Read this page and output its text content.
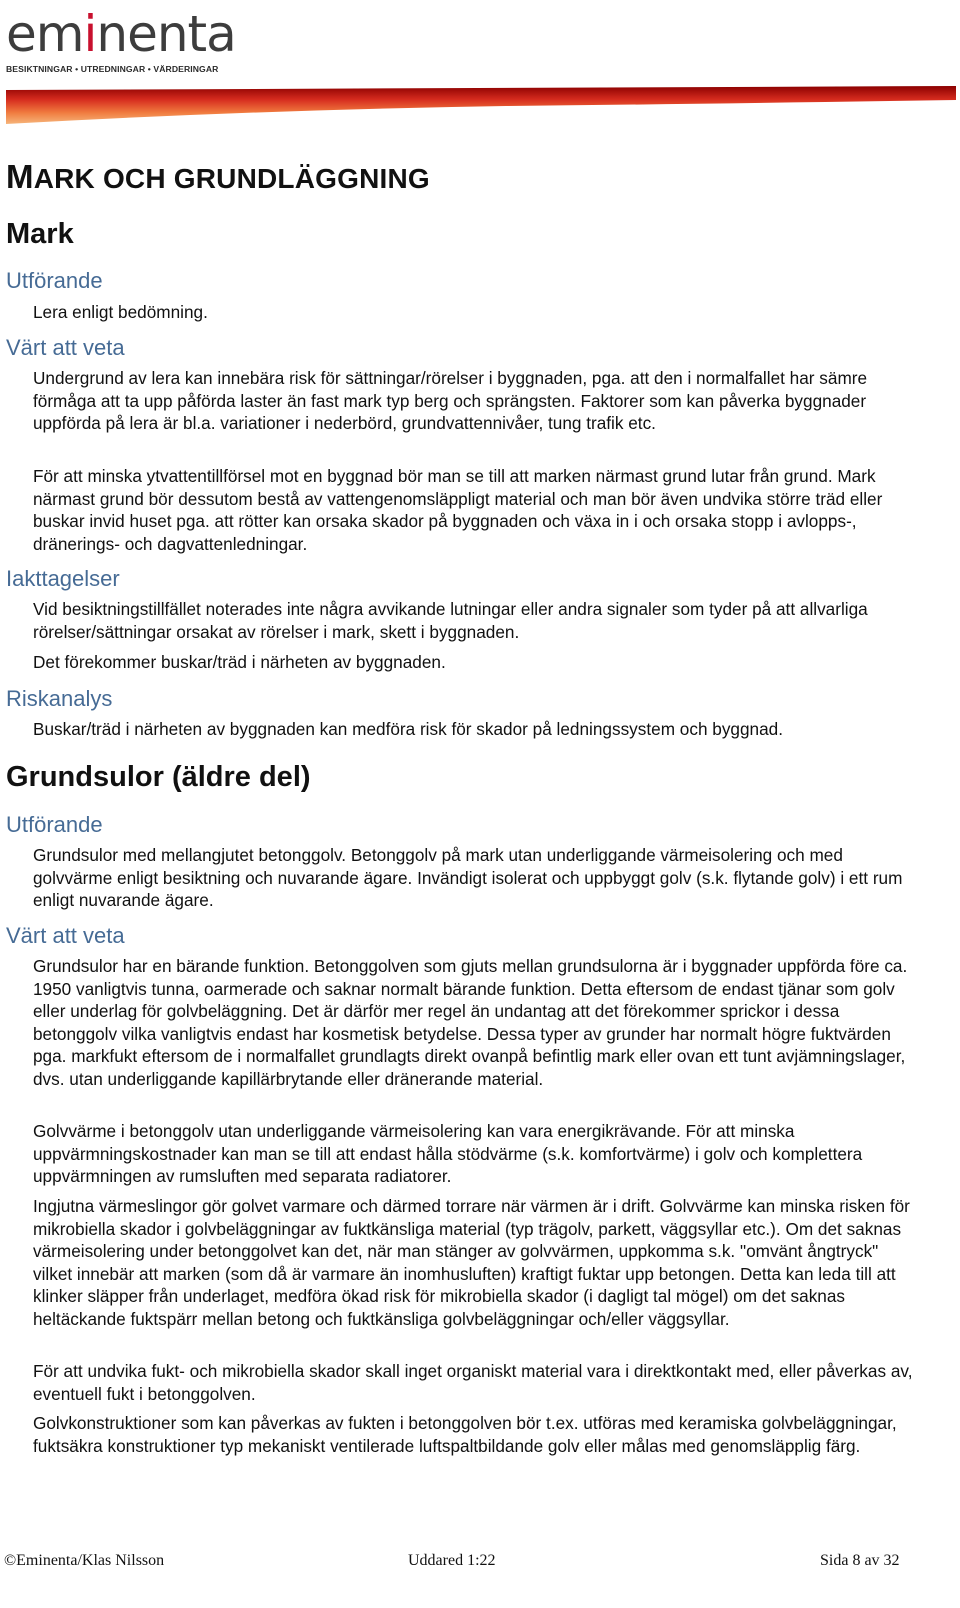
eminenta
BESIKTNINGAR • UTREDNINGAR • VÄRDERINGAR
MARK OCH GRUNDLÄGGNING
Mark
Utförande
Lera enligt bedömning.
Värt att veta
Undergrund av lera kan innebära risk för sättningar/rörelser i byggnaden, pga. att den i normalfallet har sämre förmåga att ta upp påförda laster än fast mark typ berg och sprängsten. Faktorer som kan påverka byggnader uppförda på lera är bl.a. variationer i nederbörd, grundvattennivåer, tung trafik etc.
För att minska ytvattentillförsel mot en byggnad bör man se till att marken närmast grund lutar från grund. Mark närmast grund bör dessutom bestå av vattengenomsläppligt material och man bör även undvika större träd eller buskar invid huset pga. att rötter kan orsaka skador på byggnaden och växa in i och orsaka stopp i avlopps-, dränerings- och dagvattenledningar.
Iakttagelser
Vid besiktningstillfället noterades inte några avvikande lutningar eller andra signaler som tyder på att allvarliga rörelser/sättningar orsakat av rörelser i mark, skett i byggnaden.
Det förekommer buskar/träd i närheten av byggnaden.
Riskanalys
Buskar/träd i närheten av byggnaden kan medföra risk för skador på ledningssystem och byggnad.
Grundsulor (äldre del)
Utförande
Grundsulor med mellangjutet betonggolv. Betonggolv på mark utan underliggande värmeisolering och med golvvärme enligt besiktning och nuvarande ägare. Invändigt isolerat och uppbyggt golv (s.k. flytande golv) i ett rum enligt nuvarande ägare.
Värt att veta
Grundsulor har en bärande funktion. Betonggolven som gjuts mellan grundsulorna är i byggnader uppförda före ca. 1950 vanligtvis tunna, oarmerade och saknar normalt bärande funktion. Detta eftersom de endast tjänar som golv eller underlag för golvbeläggning. Det är därför mer regel än undantag att det förekommer sprickor i dessa betonggolv vilka vanligtvis endast har kosmetisk betydelse. Dessa typer av grunder har normalt högre fuktvärden pga. markfukt eftersom de i normalfallet grundlagts direkt ovanpå befintlig mark eller ovan ett tunt avjämningslager, dvs. utan underliggande kapillärbrytande eller dränerande material.
Golvvärme i betonggolv utan underliggande värmeisolering kan vara energikrävande. För att minska uppvärmningskostnader kan man se till att endast hålla stödvärme (s.k. komfortvärme) i golv och komplettera uppvärmningen av rumsluften med separata radiatorer.
Ingjutna värmeslingor gör golvet varmare och därmed torrare när värmen är i drift. Golvvärme kan minska risken för mikrobiella skador i golvbeläggningar av fuktkänsliga material (typ trägolv, parkett, väggsyllar etc.). Om det saknas värmeisolering under betonggolvet kan det, när man stänger av golvvärmen, uppkomma s.k. "omvänt ångtryck" vilket innebär att marken (som då är varmare än inomhusluften) kraftigt fuktar upp betongen. Detta kan leda till att klinker släpper från underlaget, medföra ökad risk för mikrobiella skador (i dagligt tal mögel) om det saknas heltäckande fuktspärr mellan betong och fuktkänsliga golvbeläggningar och/eller väggsyllar.
För att undvika fukt- och mikrobiella skador skall inget organiskt material vara i direktkontakt med, eller påverkas av, eventuell fukt i betonggolven.
Golvkonstruktioner som kan påverkas av fukten i betonggolven bör t.ex. utföras med keramiska golvbeläggningar, fuktsäkra konstruktioner typ mekaniskt ventilerade luftspaltbildande golv eller målas med genomsläpplig färg.
©Eminenta/Klas Nilsson	Uddared 1:22	Sida 8 av 32
